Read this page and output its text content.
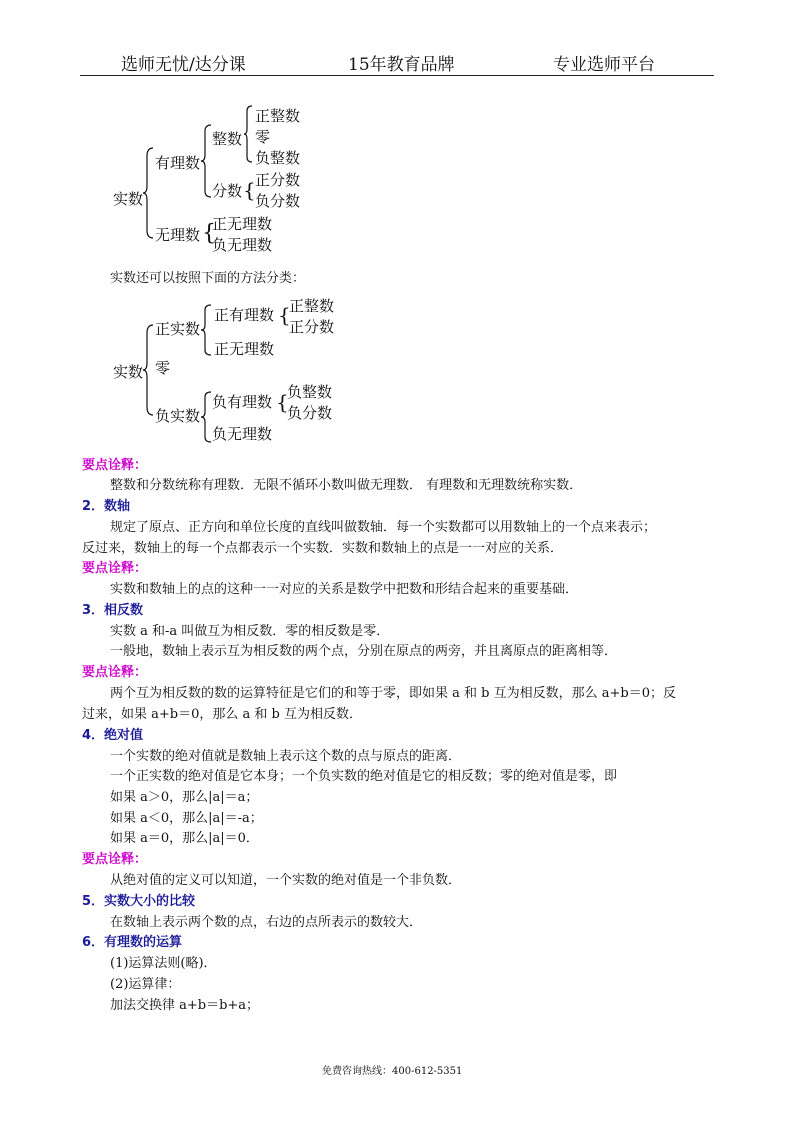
选师无忧/达分课	15年教育品牌	专业选师平台
实数
有理数
整数
正整数
零
负整数
分数 { 正分数
负分数
无理数 {
正无理数
负无理数
实数还可以按照下面的方法分类：
实数
正实数
正有理数 {
正整数
正分数
正无理数
零
负实数
负有理数 {
负整数
负分数
负无理数
要点诠释：
整数和分数统称有理数．无限不循环小数叫做无理数． 有理数和无理数统称实数．
2．数轴
规定了原点、正方向和单位长度的直线叫做数轴．每一个实数都可以用数轴上的一个点来表示；
反过来，数轴上的每一个点都表示一个实数．实数和数轴上的点是一一对应的关系．
要点诠释：
实数和数轴上的点的这种一一对应的关系是数学中把数和形结合起来的重要基础．
3．相反数
实数 a 和-a 叫做互为相反数．零的相反数是零．
一般地，数轴上表示互为相反数的两个点，分别在原点的两旁，并且离原点的距离相等．
要点诠释：
两个互为相反数的数的运算特征是它们的和等于零，即如果 a 和 b 互为相反数，那么 a+b＝0；反
过来，如果 a+b＝0，那么 a 和 b 互为相反数．
4．绝对值
一个实数的绝对值就是数轴上表示这个数的点与原点的距离．
一个正实数的绝对值是它本身；一个负实数的绝对值是它的相反数；零的绝对值是零，即
如果 a＞0，那么|a|＝a；
如果 a＜0，那么|a|＝-a；
如果 a＝0，那么|a|＝0．
要点诠释：
从绝对值的定义可以知道，一个实数的绝对值是一个非负数．
5．实数大小的比较
在数轴上表示两个数的点，右边的点所表示的数较大．
6．有理数的运算
(1)运算法则(略)．
(2)运算律：
加法交换律 a+b＝b+a；
免费咨询热线：400-612-5351
